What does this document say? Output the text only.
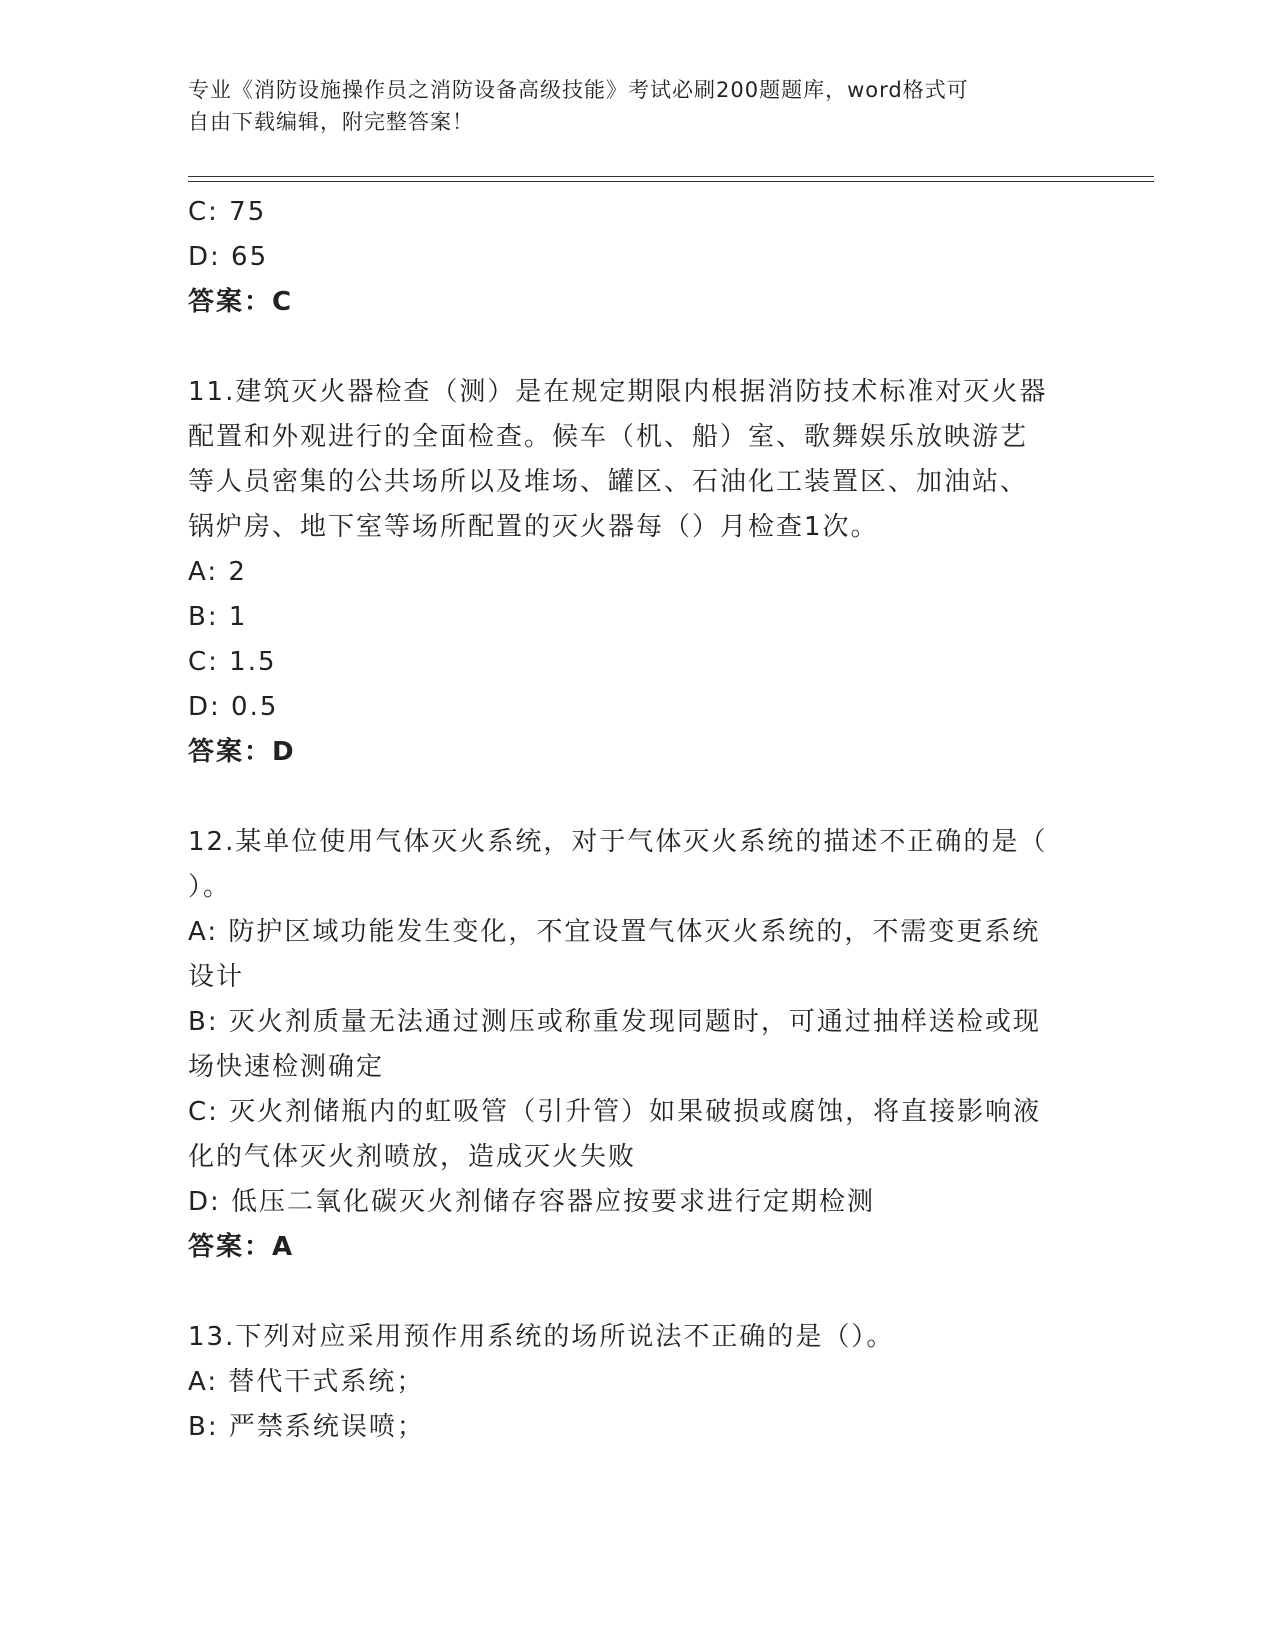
专业《消防设施操作员之消防设备高级技能》考试必刷200题题库，word格式可
自由下载编辑，附完整答案！
C: 75
D: 65
答案：C
11.建筑灭火器检查（测）是在规定期限内根据消防技术标准对灭火器
配置和外观进行的全面检查。候车（机、船）室、歌舞娱乐放映游艺
等人员密集的公共场所以及堆场、罐区、石油化工装置区、加油站、
锅炉房、地下室等场所配置的灭火器每（）月检查1次。
A: 2
B: 1
C: 1.5
D: 0.5
答案：D
12.某单位使用气体灭火系统，对于气体灭火系统的描述不正确的是（
）。
A: 防护区域功能发生变化，不宜设置气体灭火系统的，不需变更系统
设计
B: 灭火剂质量无法通过测压或称重发现同题时，可通过抽样送检或现
场快速检测确定
C: 灭火剂储瓶内的虹吸管（引升管）如果破损或腐蚀，将直接影响液
化的气体灭火剂喷放，造成灭火失败
D: 低压二氧化碳灭火剂储存容器应按要求进行定期检测
答案：A
13.下列对应采用预作用系统的场所说法不正确的是（）。
A: 替代干式系统；
B: 严禁系统误喷；
